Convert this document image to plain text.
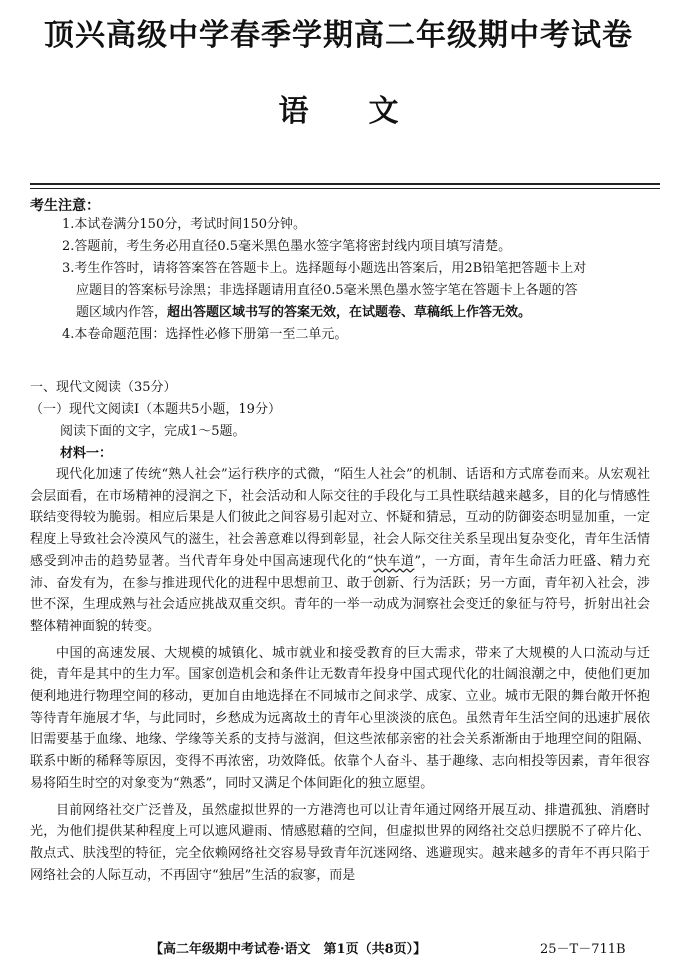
顶兴高级中学春季学期高二年级期中考试卷
语文
考生注意：
1.本试卷满分150分，考试时间150分钟。
2.答题前，考生务必用直径0.5毫米黑色墨水签字笔将密封线内项目填写清楚。
3.考生作答时，请将答案答在答题卡上。选择题每小题选出答案后，用2B铅笔把答题卡上对
应题目的答案标号涂黑；非选择题请用直径0.5毫米黑色墨水签字笔在答题卡上各题的答
题区域内作答，超出答题区域书写的答案无效，在试题卷、草稿纸上作答无效。
4.本卷命题范围：选择性必修下册第一至二单元。
一、现代文阅读（35分）
（一）现代文阅读Ⅰ（本题共5小题，19分）
阅读下面的文字，完成1～5题。
材料一：

现代化加速了传统“熟人社会”运行秩序的式微，“陌生人社会”的机制、话语和方式席卷而来。从宏观社会层面看，在市场精神的浸润之下，社会活动和人际交往的手段化与工具性联结越来越多，目的化与情感性联结变得较为脆弱。相应后果是人们彼此之间容易引起对立、怀疑和猜忌，互动的防御姿态明显加重，一定程度上导致社会冷漠风气的滋生，社会善意难以得到彰显，社会人际交往关系呈现出复杂变化，青年生活情感受到冲击的趋势显著。当代青年身处中国高速现代化的“快车道”，一方面，青年生命活力旺盛、精力充沛、奋发有为，在参与推进现代化的进程中思想前卫、敢于创新、行为活跃；另一方面，青年初入社会，涉世不深，生理成熟与社会适应挑战双重交织。青年的一举一动成为洞察社会变迁的象征与符号，折射出社会整体精神面貌的转变。

中国的高速发展、大规模的城镇化、城市就业和接受教育的巨大需求，带来了大规模的人口流动与迁徙，青年是其中的生力军。国家创造机会和条件让无数青年投身中国式现代化的壮阔浪潮之中，使他们更加便利地进行物理空间的移动，更加自由地选择在不同城市之间求学、成家、立业。城市无限的舞台敞开怀抱等待青年施展才华，与此同时，乡愁成为远离故土的青年心里淡淡的底色。虽然青年生活空间的迅速扩展依旧需要基于血缘、地缘、学缘等关系的支持与滋润，但这些浓郁亲密的社会关系渐渐由于地理空间的阻隔、联系中断的稀释等原因，变得不再浓密，功效降低。依靠个人奋斗、基于趣缘、志向相投等因素，青年很容易将陌生时空的对象变为“熟悉”，同时又满足个体间距化的独立愿望。

目前网络社交广泛普及，虽然虚拟世界的一方港湾也可以让青年通过网络开展互动、排遣孤独、消磨时光，为他们提供某种程度上可以遮风避雨、情感慰藉的空间，但虚拟世界的网络社交总归摆脱不了碎片化、散点式、肤浅型的特征，完全依赖网络社交容易导致青年沉迷网络、逃避现实。越来越多的青年不再只陷于网络社会的人际互动，不再固守“独居”生活的寂寥，而是

【高二年级期中考试卷·语文　第1页（共8页）】	25－T－711B
